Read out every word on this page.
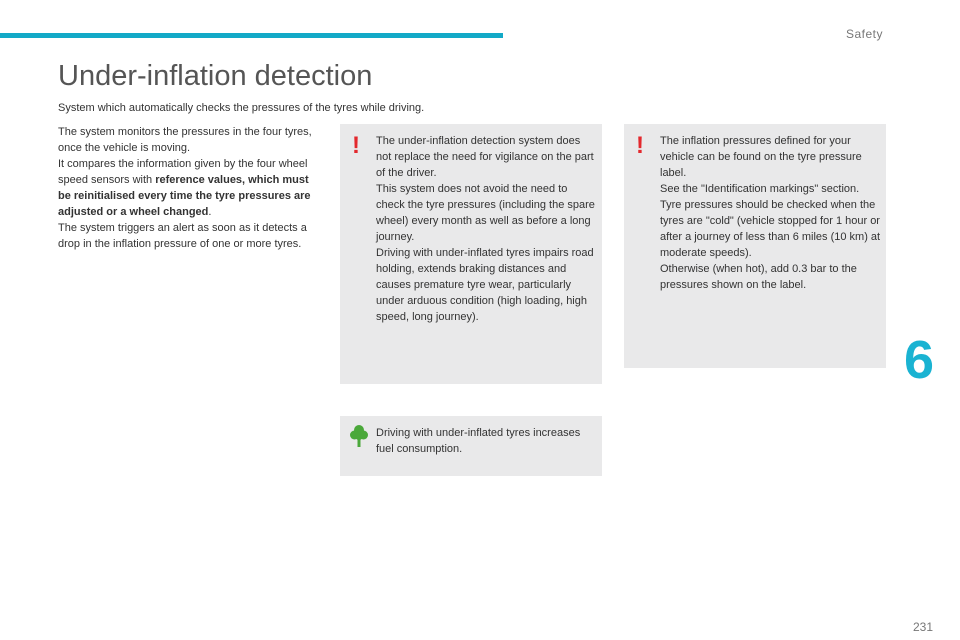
Safety
Under-inflation detection
System which automatically checks the pressures of the tyres while driving.

The system monitors the pressures in the four tyres, once the vehicle is moving.

It compares the information given by the four wheel speed sensors with reference values, which must be reinitialised every time the tyre pressures are adjusted or a wheel changed.

The system triggers an alert as soon as it detects a drop in the inflation pressure of one or more tyres.

! The under-inflation detection system does not replace the need for vigilance on the part of the driver.

This system does not avoid the need to check the tyre pressures (including the spare wheel) every month as well as before a long journey.

Driving with under-inflated tyres impairs road holding, extends braking distances and causes premature tyre wear, particularly under arduous condition (high loading, high speed, long journey).

! The inflation pressures defined for your vehicle can be found on the tyre pressure label.

See the "Identification markings" section.

Tyre pressures should be checked when the tyres are "cold" (vehicle stopped for 1 hour or after a journey of less than 6 miles (10 km) at moderate speeds).

Otherwise (when hot), add 0.3 bar to the pressures shown on the label.

Driving with under-inflated tyres increases fuel consumption.

6
231
